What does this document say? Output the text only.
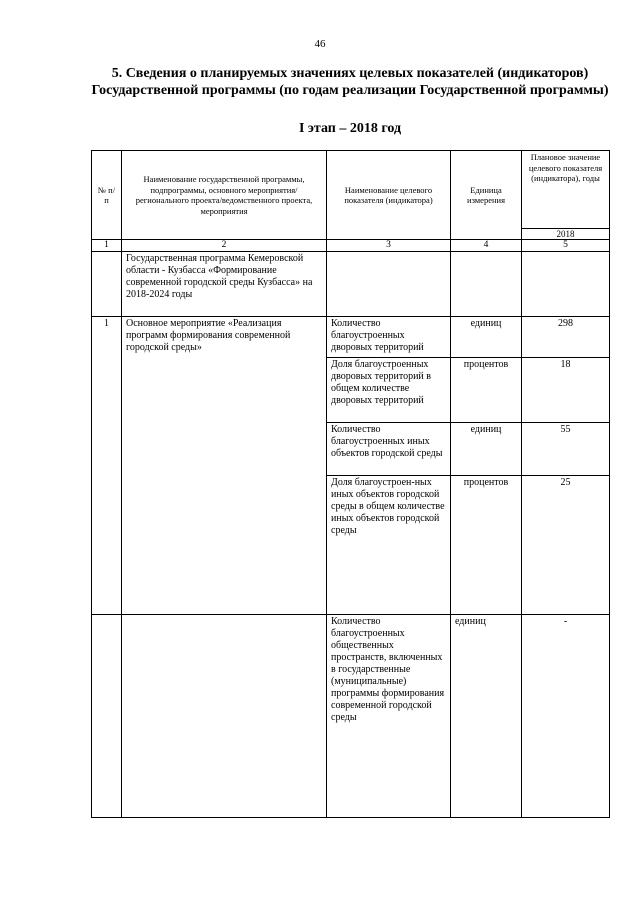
46
5. Сведения о планируемых значениях целевых показателей (индикаторов) Государственной программы (по годам реализации Государственной программы)
I этап – 2018 год
№ п/п	Наименование государственной программы, подпрограммы, основного мероприятия/регионального проекта/ведомственного проекта, мероприятия	Наименование целевого показателя (индикатора)	Единица измерения	Плановое значение целевого показателя (индикатора), годы
				2018
1	2	3	4	5
	Государственная программа Кемеровской области - Кузбасса «Формирование современной городской среды Кузбасса» на 2018-2024 годы			
1	Основное мероприятие «Реализация программ формирования современной городской среды»	Количество благоустроенных дворовых территорий	единиц	298
		Доля благоустроенных дворовых территорий в общем количестве дворовых территорий	процентов	18
		Количество благоустроенных иных объектов городской среды	единиц	55
		Доля благоустроен-ных иных объектов городской среды в общем количестве иных объектов городской среды	процентов	25
		Количество благоустроенных общественных пространств, включенных в государственные (муниципальные) программы формирования современной городской среды	единиц	-
